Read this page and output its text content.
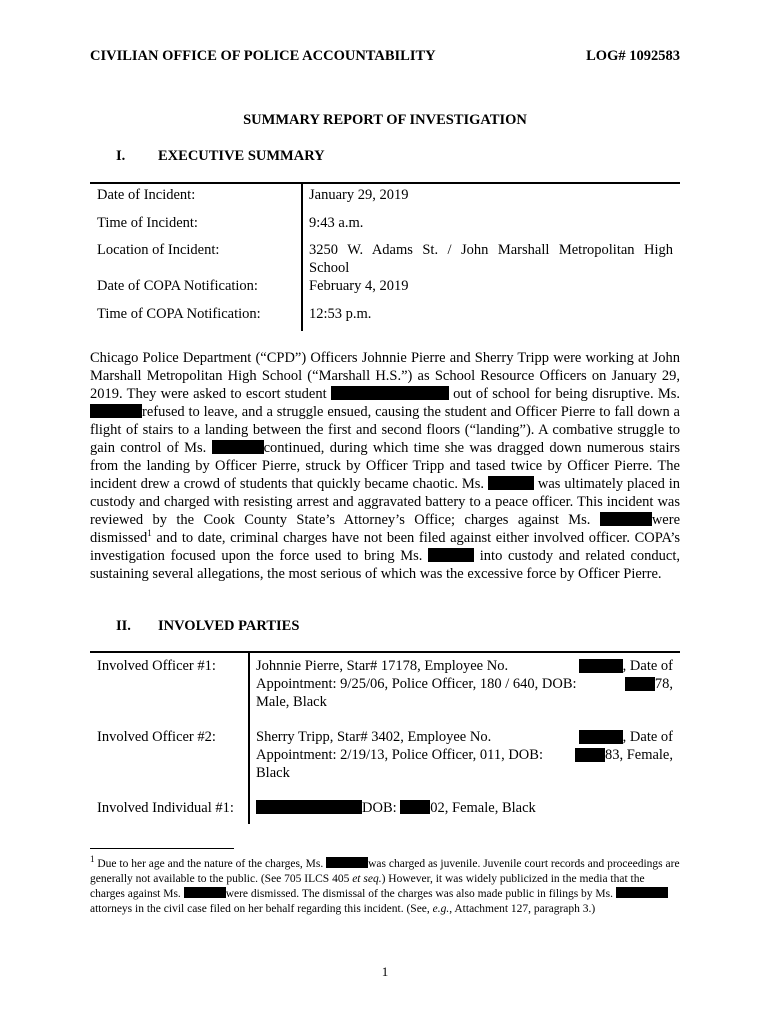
CIVILIAN OFFICE OF POLICE ACCOUNTABILITY	LOG# 1092583
SUMMARY REPORT OF INVESTIGATION
I. EXECUTIVE SUMMARY
Date of Incident:	January 29, 2019
Time of Incident:	9:43 a.m.
Location of Incident:	3250 W. Adams St. / John Marshall Metropolitan High
School
Date of COPA Notification:	February 4, 2019
Time of COPA Notification:	12:53 p.m.
Chicago Police Department (“CPD”) Officers Johnnie Pierre and Sherry Tripp were working at John Marshall Metropolitan High School (“Marshall H.S.”) as School Resource Officers on January 29, 2019. They were asked to escort student	out of school for being disruptive. Ms. refused to leave, and a struggle ensued, causing the student and Officer Pierre to fall down a flight of stairs to a landing between the first and second floors (“landing”). A combative struggle to gain control of Ms.	continued, during which time she was dragged down numerous stairs from the landing by Officer Pierre, struck by Officer Tripp and tased twice by Officer Pierre. The incident drew a crowd of students that quickly became chaotic. Ms.	was ultimately placed in custody and charged with resisting arrest and aggravated battery to a peace officer. This incident was reviewed by the Cook County State’s Attorney’s Office; charges against Ms.	were dismissed$^1$ and to date, criminal charges have not been filed against either involved officer. COPA’s investigation focused upon the force used to bring Ms.	into custody and related conduct, sustaining several allegations, the most serious of which was the excessive force by Officer Pierre.
II. INVOLVED PARTIES
Involved Officer #1:	Johnnie Pierre, Star# 17178, Employee No.	, Date of
Appointment: 9/25/06, Police Officer, 180 / 640, DOB:	78,
Male, Black
Involved Officer #2:	Sherry Tripp, Star# 3402, Employee No.	, Date of
Appointment: 2/19/13, Police Officer, 011, DOB:	83, Female,
Black
Involved Individual #1:	DOB: 02, Female, Black
$^1$ Due to her age and the nature of the charges, Ms.	was charged as juvenile. Juvenile court records and proceedings are generally not available to the public. (See 705 ILCS 405 et seq.) However, it was widely publicized in the media that the charges against Ms.	were dismissed. The dismissal of the charges was also made public in filings by Ms. attorneys in the civil case filed on her behalf regarding this incident. (See, e.g., Attachment 127, paragraph 3.)
1
